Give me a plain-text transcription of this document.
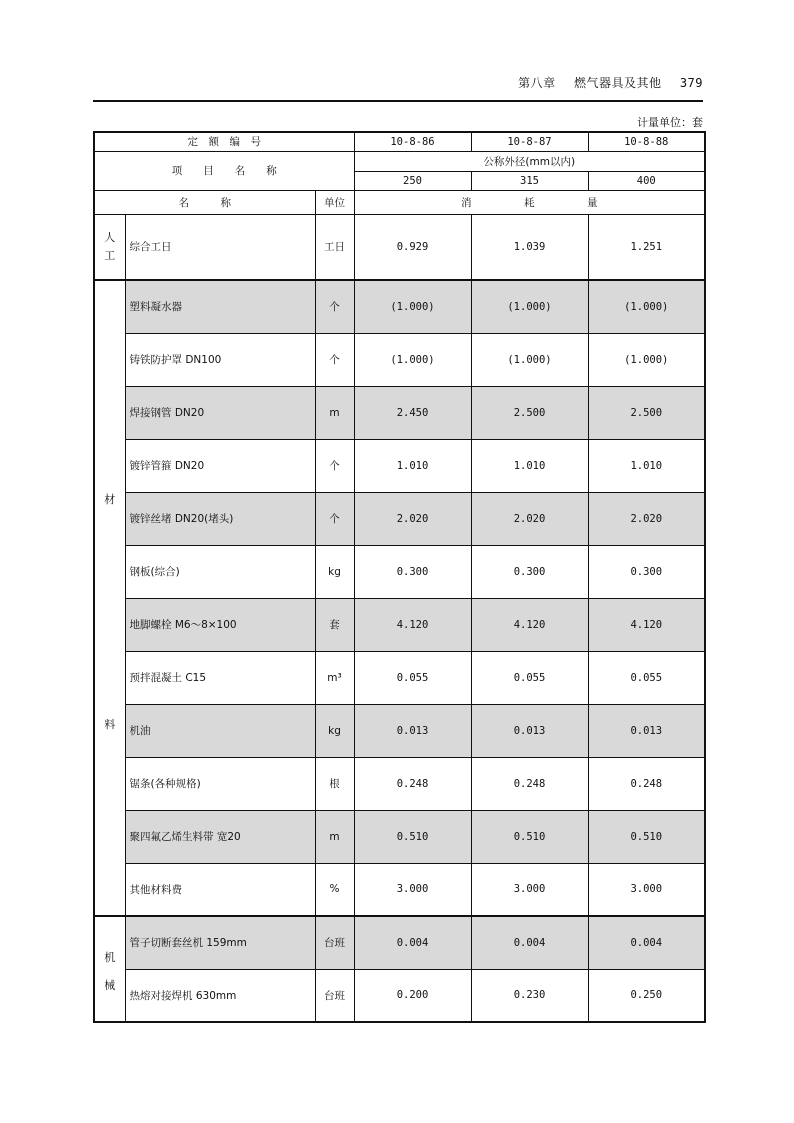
第八章 燃气器具及其他 379
计量单位：套
定　额　编　号			10-8-86	10-8-87	10-8-88
项　　目　　名　　称			公称外径(mm以内)		
			250	315	400
名　　　称		单位	消　　　　　耗　　　　　量		
人工	综合工日	工日	0.929	1.039	1.251

材
料	塑料凝水器	个	(1.000)	(1.000)	(1.000)
	铸铁防护罩 DN100	个	(1.000)	(1.000)	(1.000)
	焊接钢管 DN20	m	2.450	2.500	2.500
	镀锌管箍 DN20	个	1.010	1.010	1.010
	镀锌丝堵 DN20(堵头)	个	2.020	2.020	2.020
	钢板(综合)	kg	0.300	0.300	0.300
	地脚螺栓 M6～8×100	套	4.120	4.120	4.120
	预拌混凝土 C15	m³	0.055	0.055	0.055
	机油	kg	0.013	0.013	0.013
	锯条(各种规格)	根	0.248	0.248	0.248
	聚四氟乙烯生料带 宽20	m	0.510	0.510	0.510
	其他材料费	%	3.000	3.000	3.000

机
械	管子切断套丝机 159mm	台班	0.004	0.004	0.004
	热熔对接焊机 630mm	台班	0.200	0.230	0.250
